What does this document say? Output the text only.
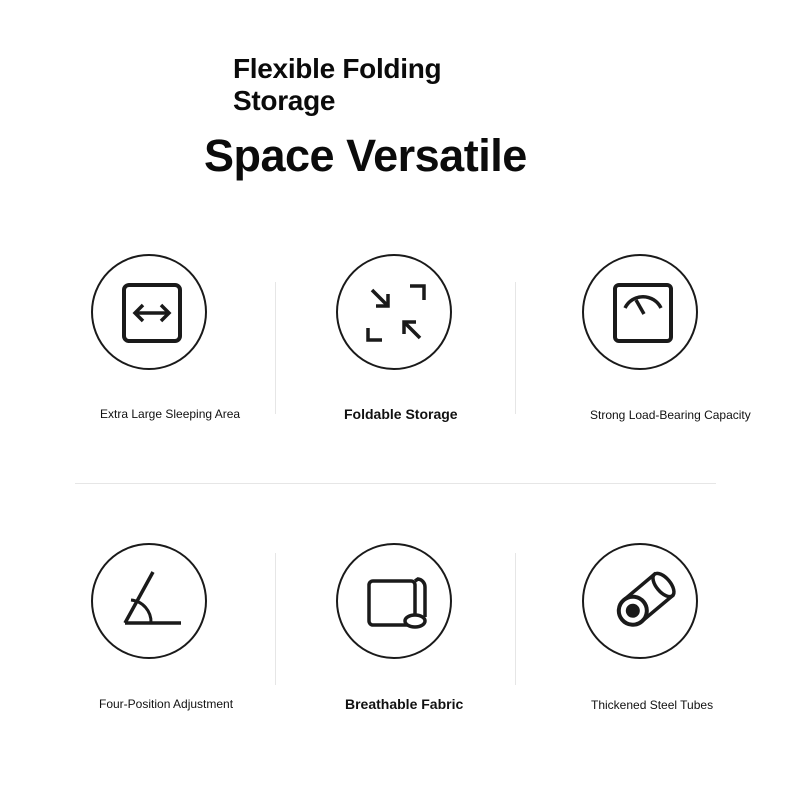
Flexible Folding
Storage
Space Versatile
Extra Large Sleeping Area	Foldable Storage	Strong Load-Bearing Capacity
Four-Position Adjustment	Breathable Fabric	Thickened Steel Tubes
